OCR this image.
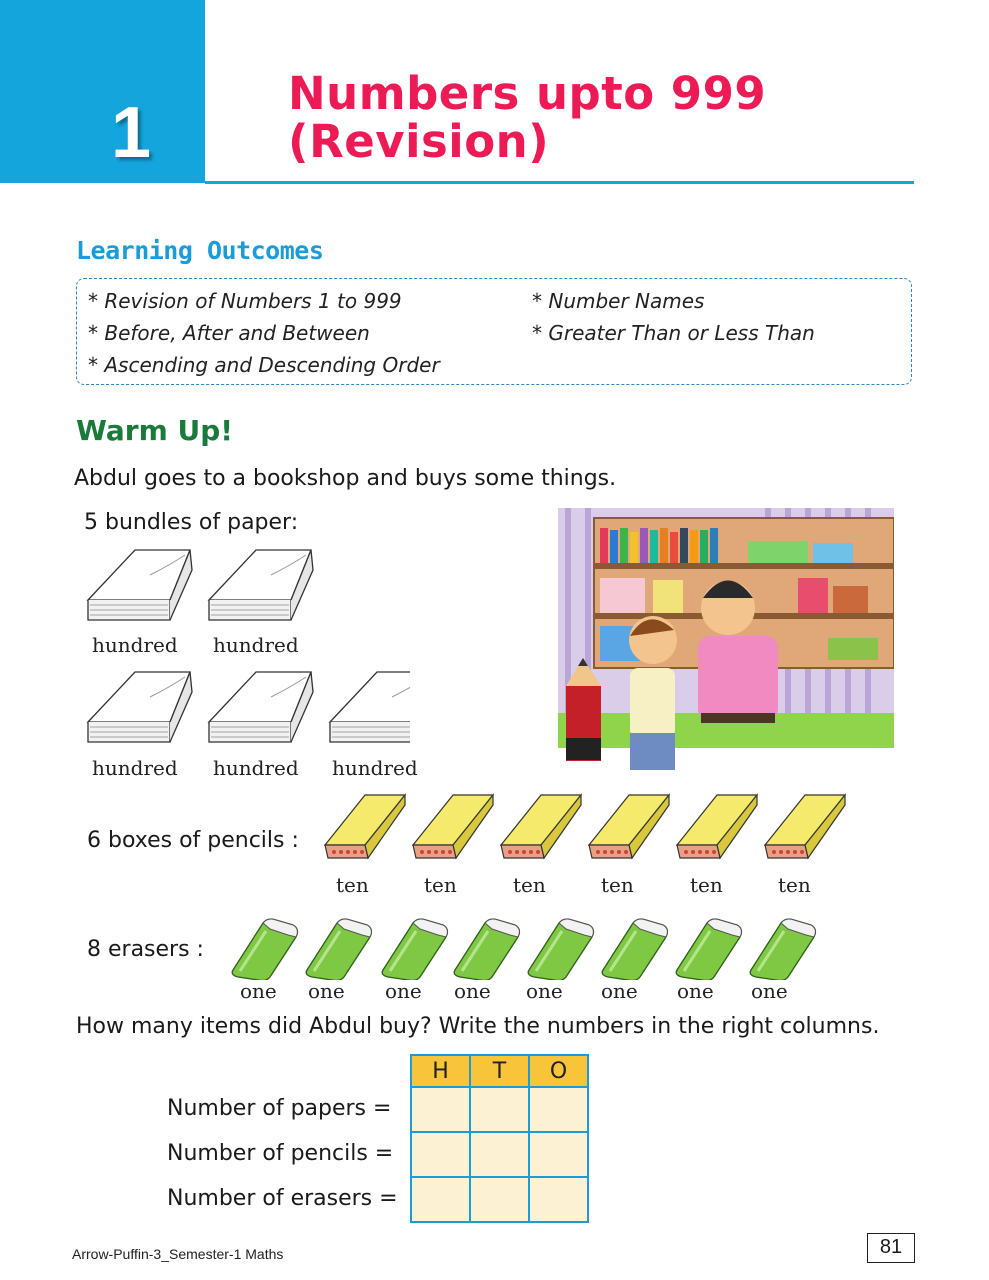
1	Numbers upto 999
(Revision)
Learning Outcomes
* Revision of Numbers 1 to 999
* Before, After and Between
* Ascending and Descending Order
* Number Names
* Greater Than or Less Than
Warm Up!
Abdul goes to a bookshop and buys some things.
5 bundles of paper:
hundred hundred
hundred hundred hundred
6 boxes of pencils :
ten	ten	ten	ten	ten	ten
8 erasers :
one one one one one one one one
How many items did Abdul buy? Write the numbers in the right columns.
H	T	O

Number of papers =
Number of pencils =
Number of erasers =
Arrow-Puffin-3_Semester-1 Maths	81
